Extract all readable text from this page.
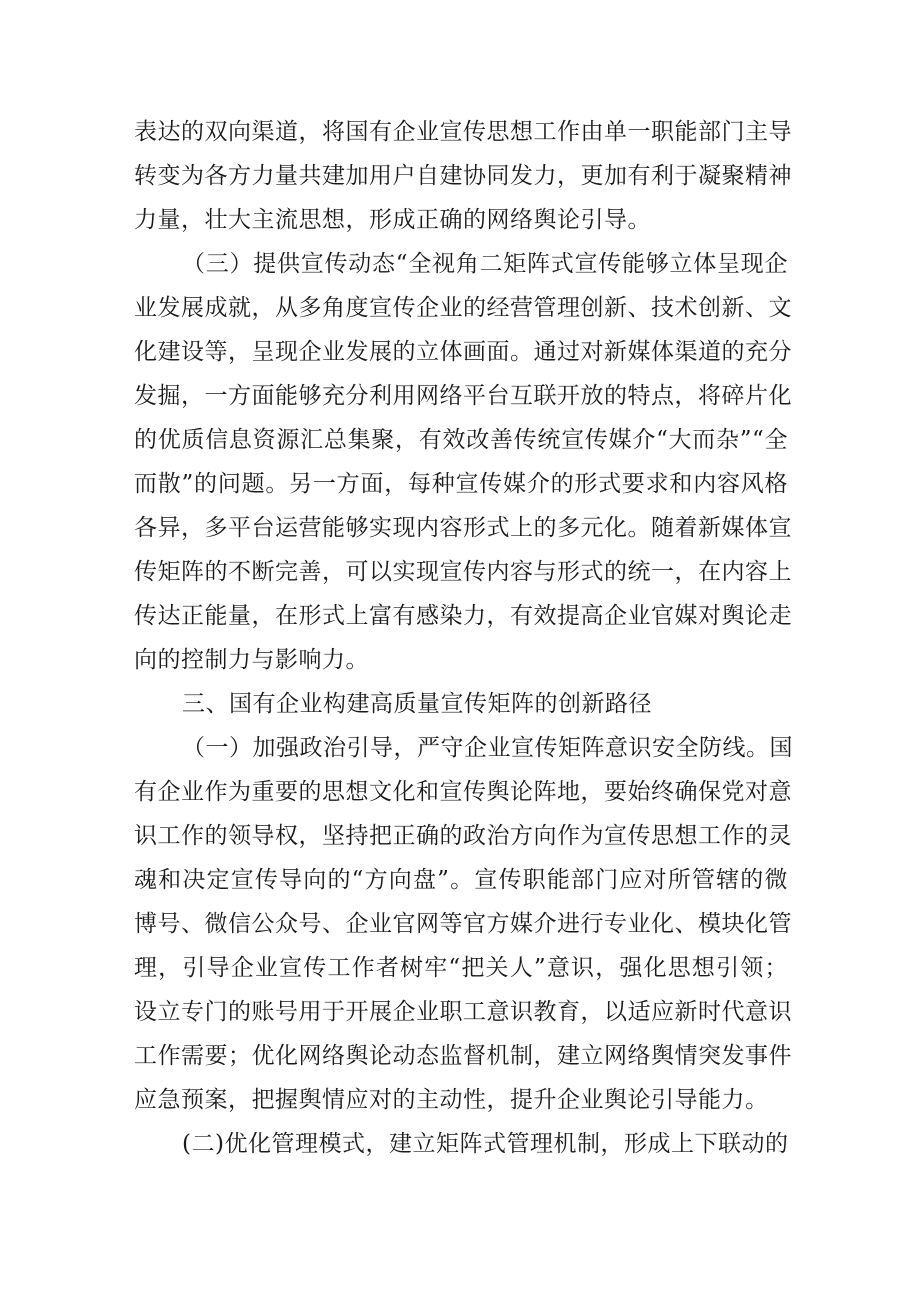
表达的双向渠道，将国有企业宣传思想工作由单一职能部门主导
转变为各方力量共建加用户自建协同发力，更加有利于凝聚精神
力量，壮大主流思想，形成正确的网络舆论引导。
（三）提供宣传动态“全视角二矩阵式宣传能够立体呈现企
业发展成就，从多角度宣传企业的经营管理创新、技术创新、文
化建设等，呈现企业发展的立体画面。通过对新媒体渠道的充分
发掘，一方面能够充分利用网络平台互联开放的特点，将碎片化
的优质信息资源汇总集聚，有效改善传统宣传媒介“大而杂”“全
而散”的问题。另一方面，每种宣传媒介的形式要求和内容风格
各异，多平台运营能够实现内容形式上的多元化。随着新媒体宣
传矩阵的不断完善，可以实现宣传内容与形式的统一，在内容上
传达正能量，在形式上富有感染力，有效提高企业官媒对舆论走
向的控制力与影响力。
三、国有企业构建高质量宣传矩阵的创新路径
（一）加强政治引导，严守企业宣传矩阵意识安全防线。国
有企业作为重要的思想文化和宣传舆论阵地，要始终确保党对意
识工作的领导权，坚持把正确的政治方向作为宣传思想工作的灵
魂和决定宣传导向的“方向盘”。宣传职能部门应对所管辖的微
博号、微信公众号、企业官网等官方媒介进行专业化、模块化管
理，引导企业宣传工作者树牢“把关人”意识，强化思想引领；
设立专门的账号用于开展企业职工意识教育，以适应新时代意识
工作需要；优化网络舆论动态监督机制，建立网络舆情突发事件
应急预案，把握舆情应对的主动性，提升企业舆论引导能力。
(二)优化管理模式，建立矩阵式管理机制，形成上下联动的
